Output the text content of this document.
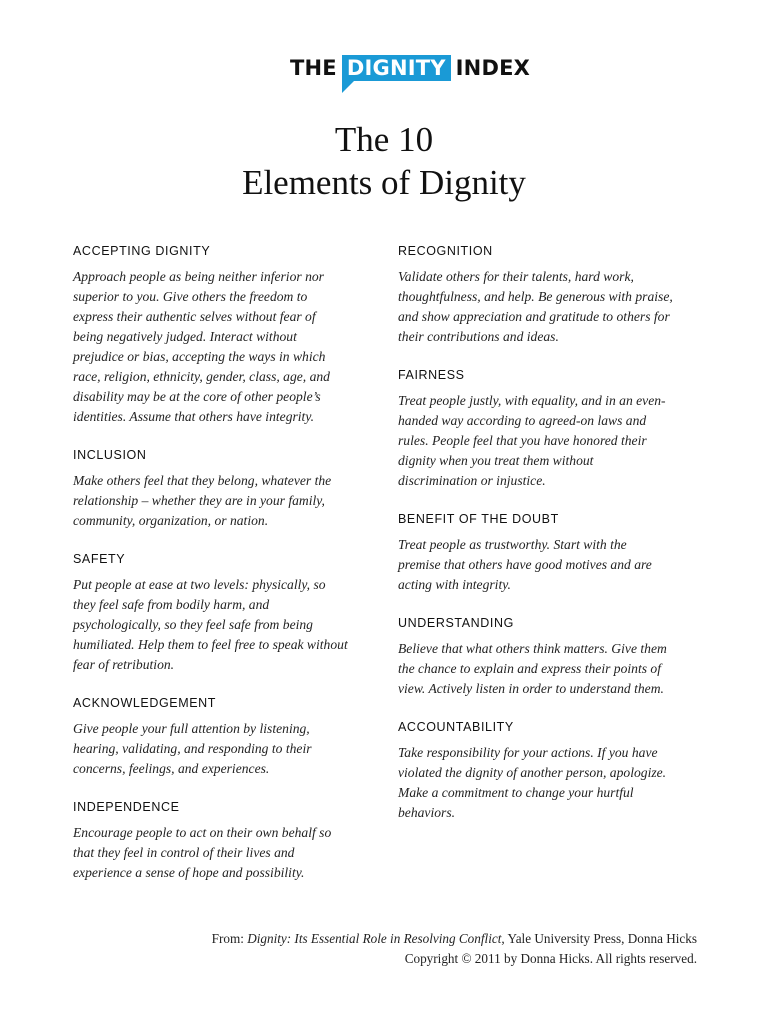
THE DIGNITY INDEX
The 10
Elements of Dignity
ACCEPTING DIGNITY
Approach people as being neither inferior nor
superior to you. Give others the freedom to
express their authentic selves without fear of
being negatively judged. Interact without
prejudice or bias, accepting the ways in which
race, religion, ethnicity, gender, class, age, and
disability may be at the core of other people’s
identities. Assume that others have integrity.
INCLUSION
Make others feel that they belong, whatever the
relationship – whether they are in your family,
community, organization, or nation.
SAFETY
Put people at ease at two levels: physically, so
they feel safe from bodily harm, and
psychologically, so they feel safe from being
humiliated. Help them to feel free to speak without
fear of retribution.
ACKNOWLEDGEMENT
Give people your full attention by listening,
hearing, validating, and responding to their
concerns, feelings, and experiences.
INDEPENDENCE
Encourage people to act on their own behalf so
that they feel in control of their lives and
experience a sense of hope and possibility.
RECOGNITION
Validate others for their talents, hard work,
thoughtfulness, and help. Be generous with praise,
and show appreciation and gratitude to others for
their contributions and ideas.
FAIRNESS
Treat people justly, with equality, and in an even-
handed way according to agreed-on laws and
rules. People feel that you have honored their
dignity when you treat them without
discrimination or injustice.
BENEFIT OF THE DOUBT
Treat people as trustworthy. Start with the
premise that others have good motives and are
acting with integrity.
UNDERSTANDING
Believe that what others think matters. Give them
the chance to explain and express their points of
view. Actively listen in order to understand them.
ACCOUNTABILITY
Take responsibility for your actions. If you have
violated the dignity of another person, apologize.
Make a commitment to change your hurtful
behaviors.
From: Dignity: Its Essential Role in Resolving Conflict, Yale University Press, Donna Hicks
Copyright © 2011 by Donna Hicks. All rights reserved.
